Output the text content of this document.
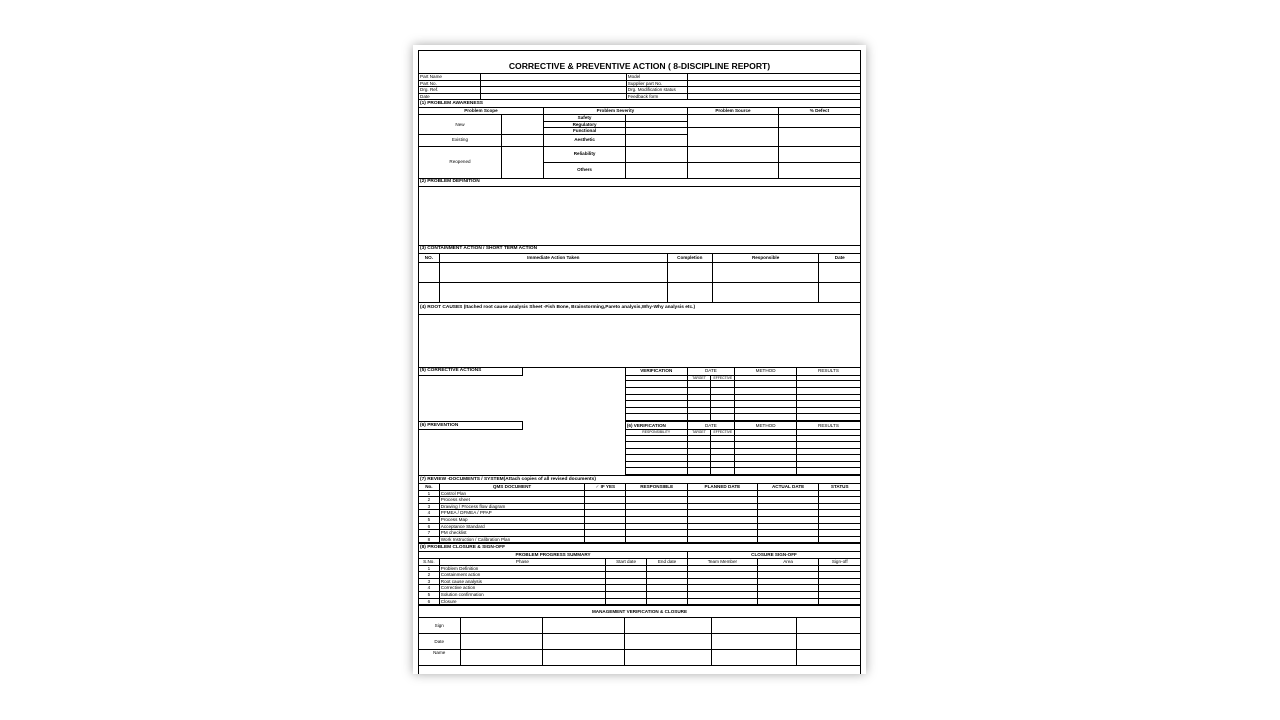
CORRECTIVE & PREVENTIVE ACTION ( 8-DISCIPLINE REPORT)
Part Name		Model	
Part No.		Supplier part No.	
Drg. Ref.		Drg. Modification status	
Date		Feedback form	
(1) PROBLEM AWARENESS						
Problem Scope		Problem Severity		Problem Source	% Defect	
New		Safety				
		Regulatory				
		Functional				
Existing		Aesthetic				

Reopened		Reliability				
		Others				
(2) PROBLEM DEFINITION

(3) CONTAINMENT ACTION / SHORT TERM ACTION				
NO.	Immediate Action Taken	Completion	Responsible	Date

(4) ROOT CAUSES (Itached root cause analysis Sheet -Fish Bone, Brainstorming,Pareto analysis,Why-Why analysis etc.)

(5) CORRECTIVE ACTIONS		VERIFICATION	DATE		METHOD	RESULTS
			TARGET	EFFECTIVE		

(6) PREVENTION		(6) VERIFICATION	DATE		METHOD	RESULTS
		RESPONSIBILITY	TARGET	EFFECTIVE		

(7) REVIEW -DOCUMENTS / SYSTEM(Attach copies of all revised documents)						
No.	QMS DOCUMENT	✓ IF YES	RESPONSIBLE	PLANNED DATE	ACTUAL DATE	STATUS
1	Control Plan					
2	Process sheet					
3	Drawing / Process flow diagram					
4	PFMEA / DFMEA / PPAP					
5	Process Map					
6	Acceptance Standard					
7	PM checklist					
8	Work Instruction / Calibration Plan					
(8) PROBLEM CLOSURE & SIGN-OFF						
PROBLEM PROGRESS SUMMARY				CLOSURE SIGN-OFF		
S.No.	Phase	Start date	End date	Team Member	Area	Sign-off
1	Problem Definition					
2	Containment action					
3	Root cause analysis					
4	Corrective action					
5	Solution confirmation					
6	Closure					
MANAGEMENT VERIFICATION & CLOSURE					
Sign					
Date					
Name					
